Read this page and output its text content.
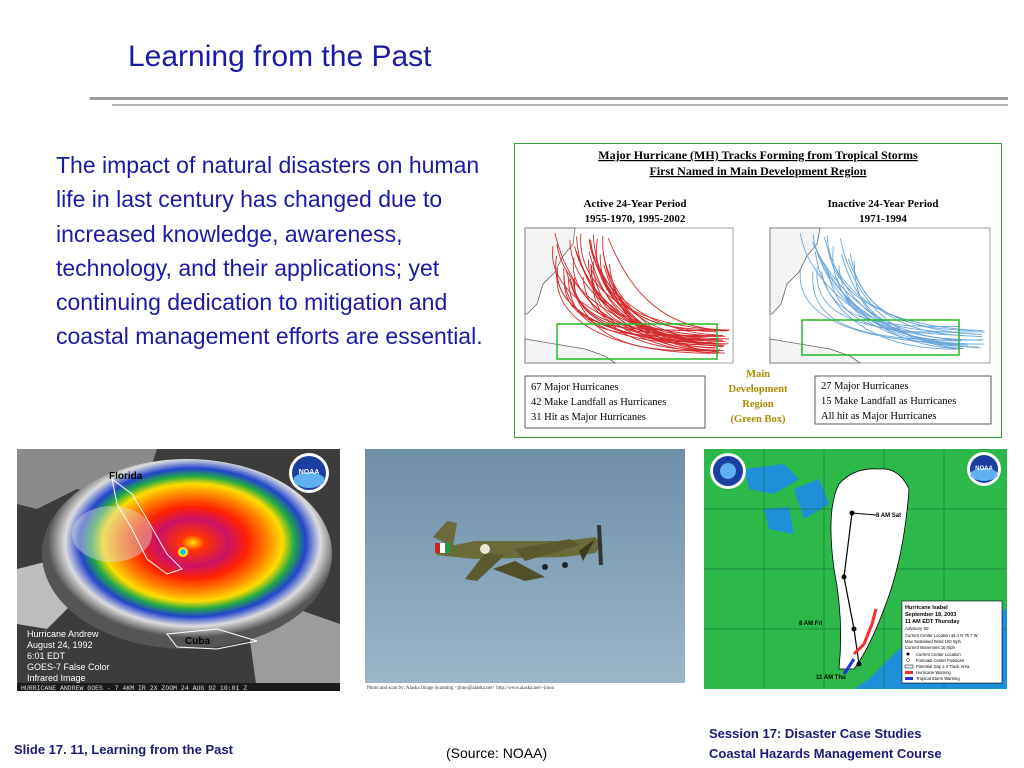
Learning from the Past
The impact of natural disasters on human life in last century has changed due to increased knowledge, awareness, technology, and their applications; yet continuing dedication to mitigation and coastal management efforts are essential.
Major Hurricane (MH) Tracks Forming from Tropical Storms
First Named in Main Development Region
Active 24-Year Period
1955-1970, 1995-2002
Inactive 24-Year Period
1971-1994
67 Major Hurricanes
42 Make Landfall as Hurricanes
31 Hit as Major Hurricanes
Main
Development
Region
(Green Box)
27 Major Hurricanes
15 Make Landfall as Hurricanes
All hit as Major Hurricanes
Florida
Cuba
NOAA
Hurricane Andrew
August 24, 1992
6:01 EDT
GOES-7 False Color
Infrared Image
HURRICANE ANDREW GOES - 7 4KM IR 2X ZOOM 24 AUG 92 10:01 Z	Photo and scan by: Alaska Image Scanning <jinno@alaska.net> http://www.alaska.net/~jinno
8 AM Sat
8 AM Fri
11 AM Thu
NOAA
Hurricane Isabel
September 18, 2003
11 AM EDT Thursday
Advisory 50
Current Center Location 34.4 N 75.7 W
Max Sustained Wind 100 mph
Current Movement 10 mph
Current Center Location
Forecast Center Positions
Potential Day 1-3 Track Area
Hurricane Warning
Tropical Storm Warning
Slide 17. 11, Learning from the Past	(Source: NOAA)
Session 17: Disaster Case Studies
Coastal Hazards Management Course
